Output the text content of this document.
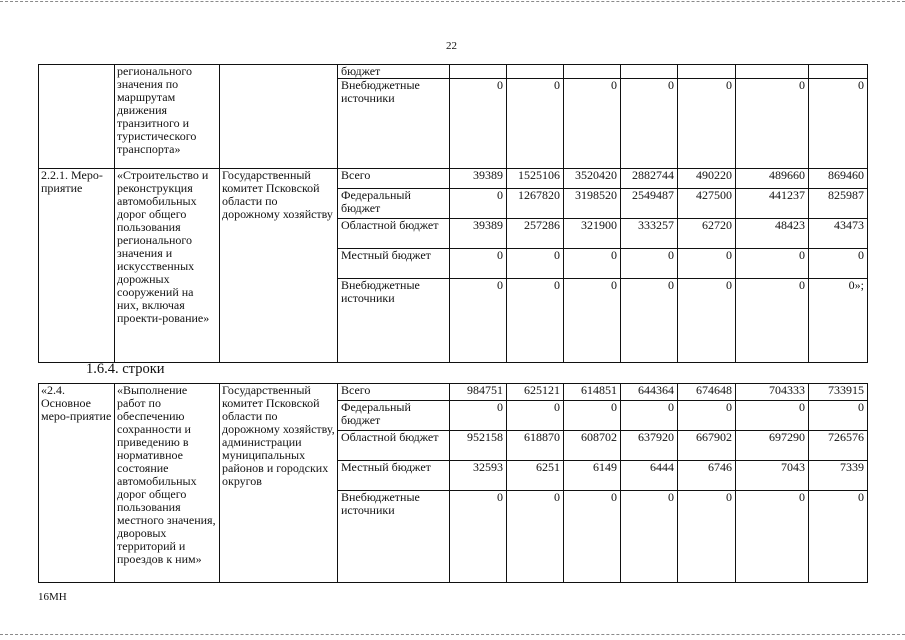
22
	регионального значения по маршрутам движения транзитного и туристического транспорта»		бюджет							
			Внебюджетные источники	0	0	0	0	0	0	0
2.2.1. Меро-приятие	«Строительство и реконструкция автомобильных дорог общего пользования регионального значения и искусственных дорожных сооружений на них, включая проекти-рование»	Государственный комитет Псковской области по дорожному хозяйству	Всего	39389	1525106	3520420	2882744	490220	489660	869460
			Федеральный бюджет	0	1267820	3198520	2549487	427500	441237	825987
			Областной бюджет	39389	257286	321900	333257	62720	48423	43473
			Местный бюджет	0	0	0	0	0	0	0
			Внебюджетные источники	0	0	0	0	0	0	0»;
1.6.4. строки
«2.4. Основное меро-приятие	«Выполнение работ по обеспечению сохранности и приведению в нормативное состояние автомобильных дорог общего пользования местного значения, дворовых территорий и проездов к ним»	Государственный комитет Псковской области по дорожному хозяйству, администрации муниципальных районов и городских округов	Всего	984751	625121	614851	644364	674648	704333	733915
			Федеральный бюджет	0	0	0	0	0	0	0
			Областной бюджет	952158	618870	608702	637920	667902	697290	726576
			Местный бюджет	32593	6251	6149	6444	6746	7043	7339
			Внебюджетные источники	0	0	0	0	0	0	0
16МН
